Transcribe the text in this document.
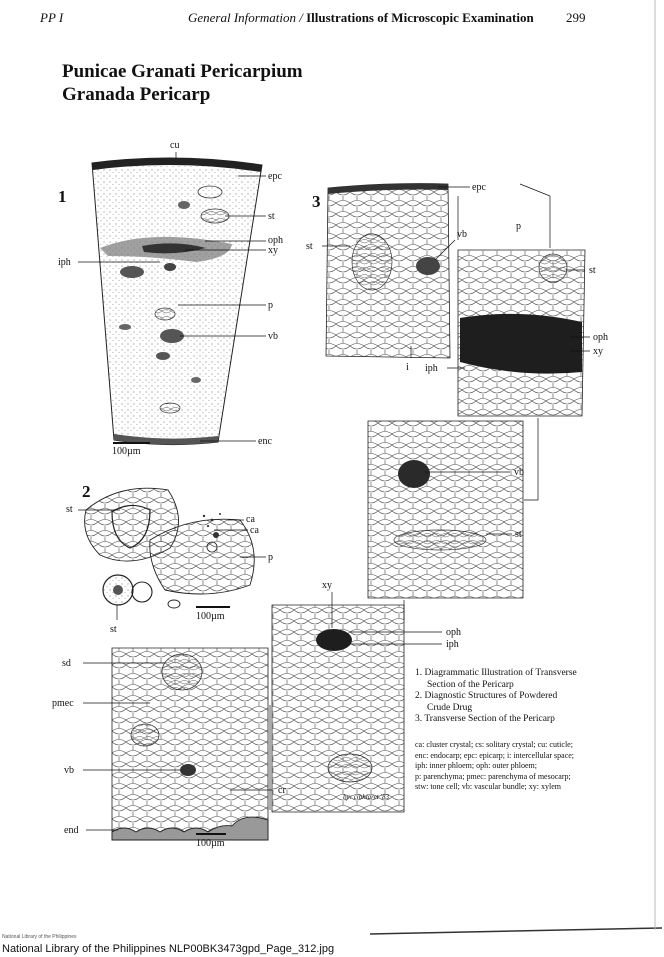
PP I	General Information / Illustrations of Microscopic Examination 299
Punicae Granati Pericarpium
Granada Pericarp
1
2
3
cu
epc
st
oph
xy
iph
p
vb
enc
100µm
st
ca
ca
p
st
100µm
epc
p
st
vb
st
i
oph
xy
iph
vb
st
xy
oph
iph
sd
pmec
vb
cr
end
100µm
1. Diagrammatic Illustration of Transverse
Section of the Pericarp
2. Diagnostic Structures of Powdered
Crude Drug
3. Transverse Section of the Pericarp
ca: cluster crystal; cs: solitary crystal; cu: cuticle;
enc: endocarp; epc: epicarp; i: intercellular space;
iph: inner phloem; oph: outer phloem;
p: parenchyma; pmec: parenchyma of mesocarp;
stw: tone cell; vb: vascular bundle; xy: xylem
by: cibhiaret '83
National Library of the Philippines
National Library of the Philippines NLP00BK3473gpd_Page_312.jpg
